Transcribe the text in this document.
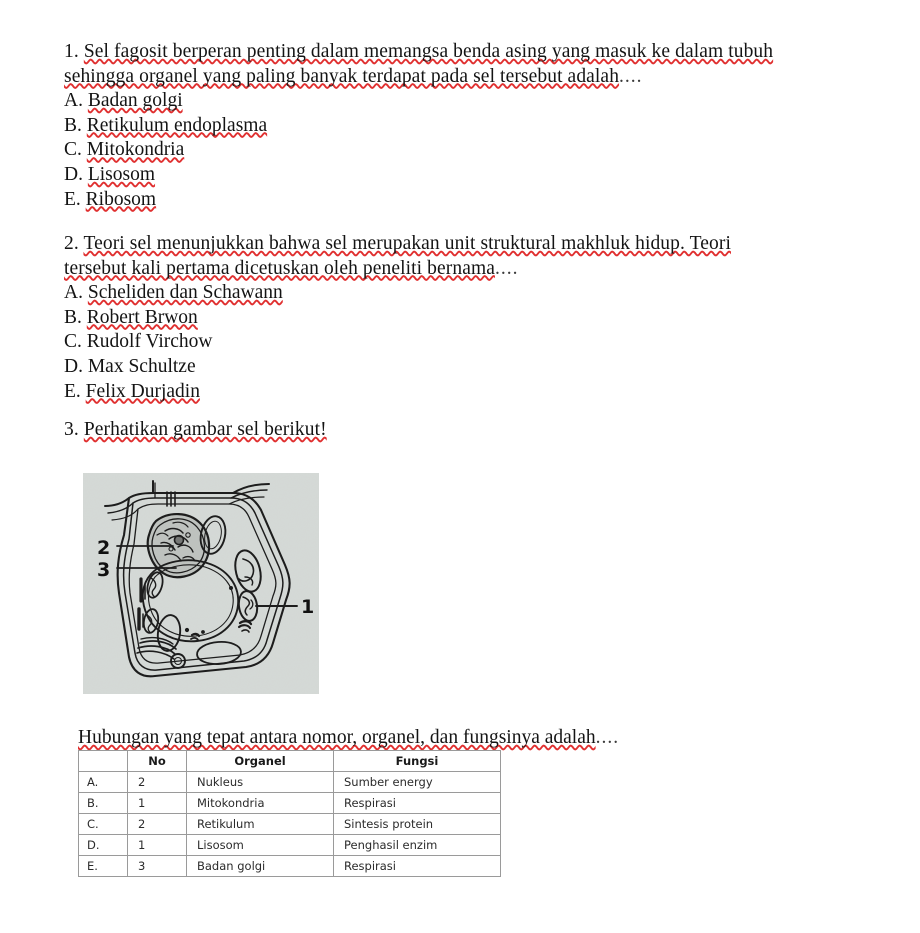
1. Sel fagosit berperan penting dalam memangsa benda asing yang masuk ke dalam tubuh
sehingga organel yang paling banyak terdapat pada sel tersebut adalah....
A. Badan golgi
B. Retikulum endoplasma
C. Mitokondria
D. Lisosom
E. Ribosom
2. Teori sel menunjukkan bahwa sel merupakan unit struktural makhluk hidup. Teori
tersebut kali pertama dicetuskan oleh peneliti bernama....
A. Scheliden dan Schawann
B. Robert Brwon
C. Rudolf Virchow
D. Max Schultze
E. Felix Durjadin
3. Perhatikan gambar sel berikut!
2
3
1
Hubungan yang tepat antara nomor, organel, dan fungsinya adalah....
	No	Organel	Fungsi
A.	2	Nukleus	Sumber energy
B.	1	Mitokondria	Respirasi
C.	2	Retikulum	Sintesis protein
D.	1	Lisosom	Penghasil enzim
E.	3	Badan golgi	Respirasi
